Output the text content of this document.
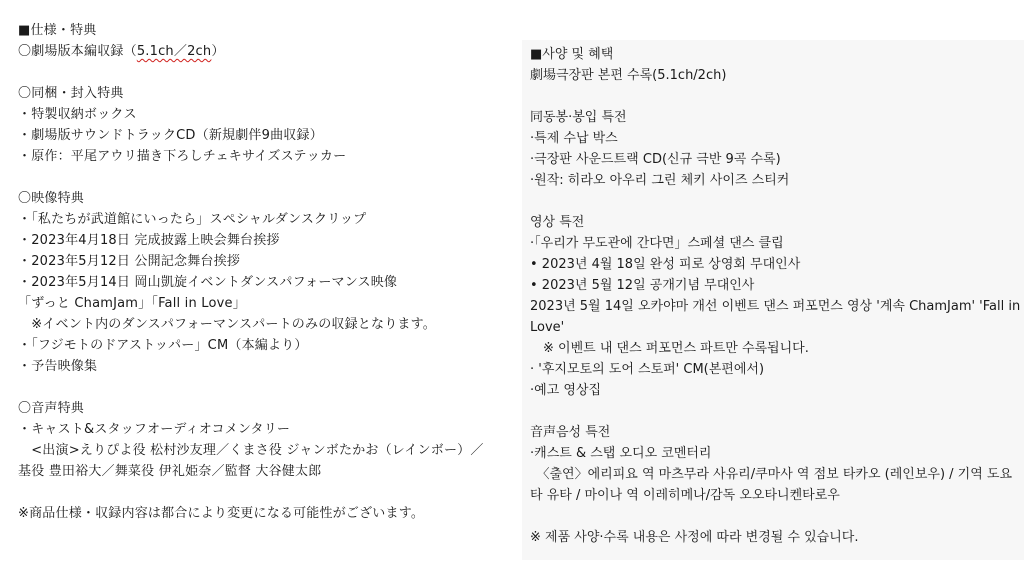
■仕様・特典
〇劇場版本編収録（5.1ch／2ch）
〇同梱・封入特典
・特製収納ボックス
・劇場版サウンドトラックCD（新規劇伴9曲収録）
・原作：平尾アウリ描き下ろしチェキサイズステッカー
〇映像特典
・「私たちが武道館にいったら」スペシャルダンスクリップ
・2023年4月18日 完成披露上映会舞台挨拶
・2023年5月12日 公開記念舞台挨拶
・2023年5月14日 岡山凱旋イベントダンスパフォーマンス映像
「ずっと ChamJam」「Fall in Love」
　※イベント内のダンスパフォーマンスパートのみの収録となります。
・「フジモトのドアストッパー」CM（本編より）
・予告映像集
〇音声特典
・キャスト&スタッフオーディオコメンタリー
　<出演>えりぴよ役 松村沙友理／くまさ役 ジャンボたかお（レインボー）／基役 豊田裕大／舞菜役 伊礼姫奈／監督 大谷健太郎
※商品仕様・収録内容は都合により変更になる可能性がございます。
■사양 및 혜택
劇場극장판 본편 수록(5.1ch/2ch)
同동봉·봉입 특전
·특제 수납 박스
·극장판 사운드트랙 CD(신규 극반 9곡 수록)
·원작: 히라오 아우리 그린 체키 사이즈 스티커
영상 특전
·「우리가 무도관에 간다면」스페셜 댄스 클립
• 2023년 4월 18일 완성 피로 상영회 무대인사
• 2023년 5월 12일 공개기념 무대인사
2023년 5월 14일 오카야마 개선 이벤트 댄스 퍼포먼스 영상 '계속 ChamJam' 'Fall in Love'
　※ 이벤트 내 댄스 퍼포먼스 파트만 수록됩니다.
· '후지모토의 도어 스토퍼' CM(본편에서)
·예고 영상집
音声음성 특전
·캐스트 & 스탭 오디오 코멘터리
　〈출연〉에리피요 역 마츠무라 사유리/쿠마사 역 점보 타카오 (레인보우) / 기역 도요타 유타 / 마이나 역 이레히메나/감독 오오타니켄타로우
※ 제품 사양·수록 내용은 사정에 따라 변경될 수 있습니다.
